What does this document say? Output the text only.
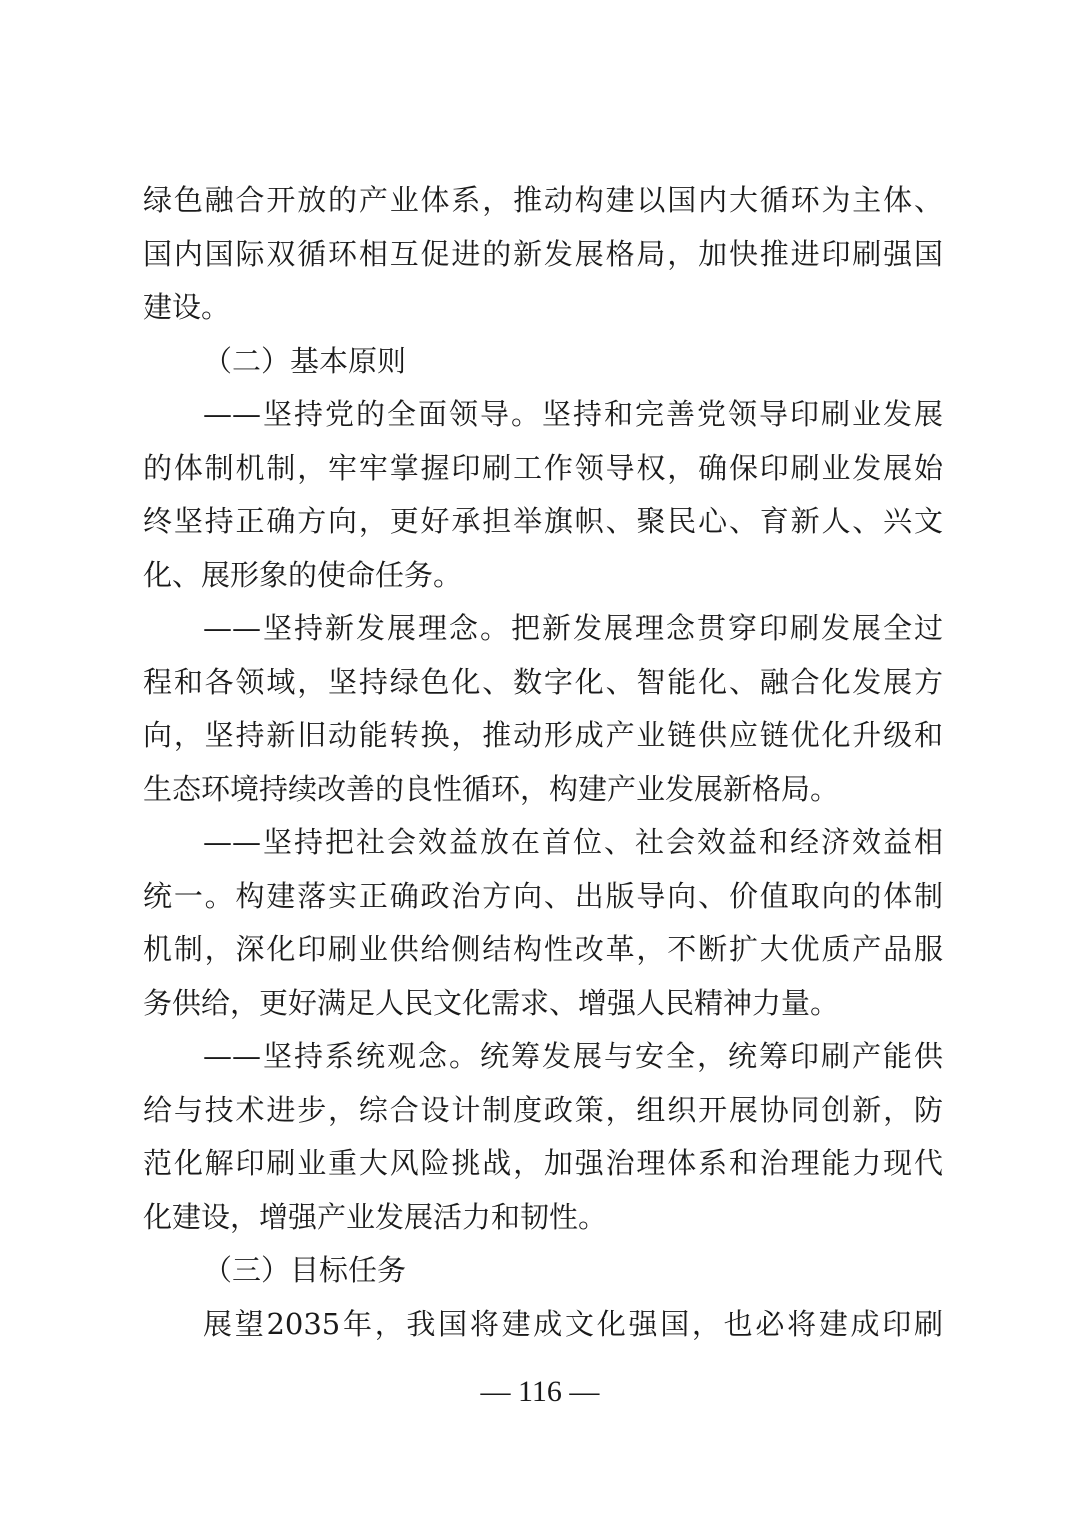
绿色融合开放的产业体系，推动构建以国内大循环为主体、
国内国际双循环相互促进的新发展格局，加快推进印刷强国
建设。
（二）基本原则
——坚持党的全面领导。坚持和完善党领导印刷业发展
的体制机制，牢牢掌握印刷工作领导权，确保印刷业发展始
终坚持正确方向，更好承担举旗帜、聚民心、育新人、兴文
化、展形象的使命任务。
——坚持新发展理念。把新发展理念贯穿印刷发展全过
程和各领域，坚持绿色化、数字化、智能化、融合化发展方
向，坚持新旧动能转换，推动形成产业链供应链优化升级和
生态环境持续改善的良性循环，构建产业发展新格局。
——坚持把社会效益放在首位、社会效益和经济效益相
统一。构建落实正确政治方向、出版导向、价值取向的体制
机制，深化印刷业供给侧结构性改革，不断扩大优质产品服
务供给，更好满足人民文化需求、增强人民精神力量。
——坚持系统观念。统筹发展与安全，统筹印刷产能供
给与技术进步，综合设计制度政策，组织开展协同创新，防
范化解印刷业重大风险挑战，加强治理体系和治理能力现代
化建设，增强产业发展活力和韧性。
（三）目标任务
展望2035年，我国将建成文化强国，也必将建成印刷
— 116 —
